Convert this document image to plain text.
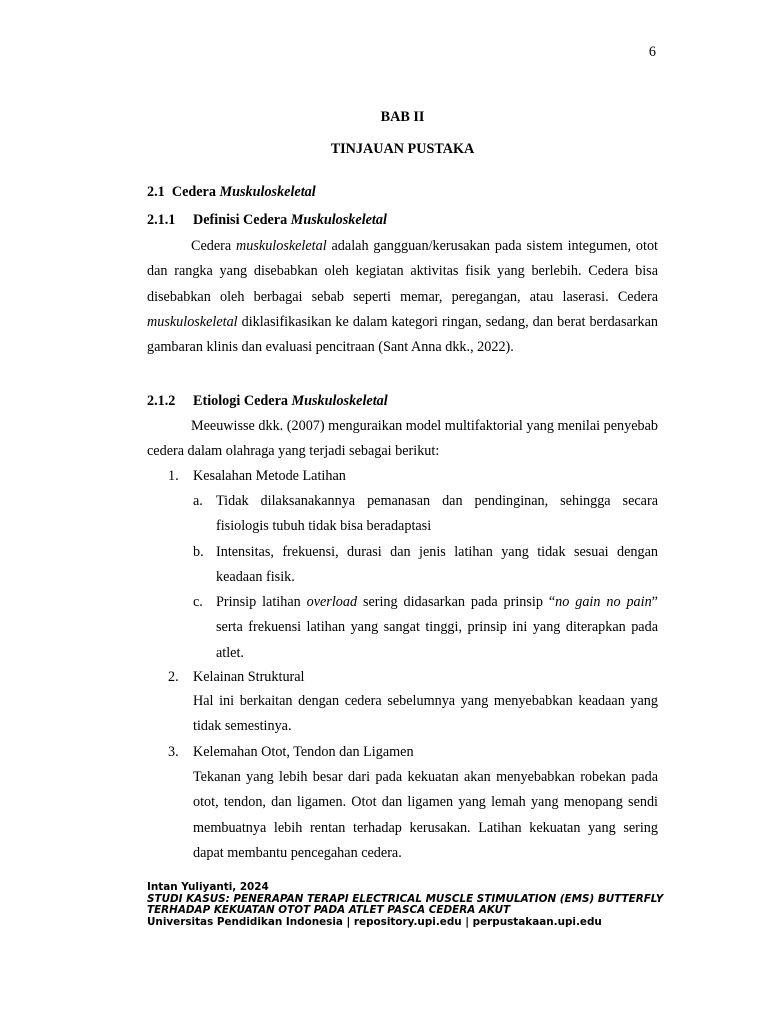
6
BAB II
TINJAUAN PUSTAKA
2.1 Cedera Muskuloskeletal
2.1.1 Definisi Cedera Muskuloskeletal
Cedera muskuloskeletal adalah gangguan/kerusakan pada sistem integumen, otot dan rangka yang disebabkan oleh kegiatan aktivitas fisik yang berlebih. Cedera bisa disebabkan oleh berbagai sebab seperti memar, peregangan, atau laserasi. Cedera muskuloskeletal diklasifikasikan ke dalam kategori ringan, sedang, dan berat berdasarkan gambaran klinis dan evaluasi pencitraan (Sant Anna dkk., 2022).
2.1.2 Etiologi Cedera Muskuloskeletal
Meeuwisse dkk. (2007) menguraikan model multifaktorial yang menilai penyebab cedera dalam olahraga yang terjadi sebagai berikut:
1. Kesalahan Metode Latihan
a. Tidak dilaksanakannya pemanasan dan pendinginan, sehingga secara fisiologis tubuh tidak bisa beradaptasi
b. Intensitas, frekuensi, durasi dan jenis latihan yang tidak sesuai dengan keadaan fisik.
c. Prinsip latihan overload sering didasarkan pada prinsip “no gain no pain” serta frekuensi latihan yang sangat tinggi, prinsip ini yang diterapkan pada atlet.
2. Kelainan Struktural
Hal ini berkaitan dengan cedera sebelumnya yang menyebabkan keadaan yang tidak semestinya.
3. Kelemahan Otot, Tendon dan Ligamen
Tekanan yang lebih besar dari pada kekuatan akan menyebabkan robekan pada otot, tendon, dan ligamen. Otot dan ligamen yang lemah yang menopang sendi membuatnya lebih rentan terhadap kerusakan. Latihan kekuatan yang sering dapat membantu pencegahan cedera.
Intan Yuliyanti, 2024
STUDI KASUS: PENERAPAN TERAPI ELECTRICAL MUSCLE STIMULATION (EMS) BUTTERFLY
TERHADAP KEKUATAN OTOT PADA ATLET PASCA CEDERA AKUT
Universitas Pendidikan Indonesia | repository.upi.edu | perpustakaan.upi.edu
